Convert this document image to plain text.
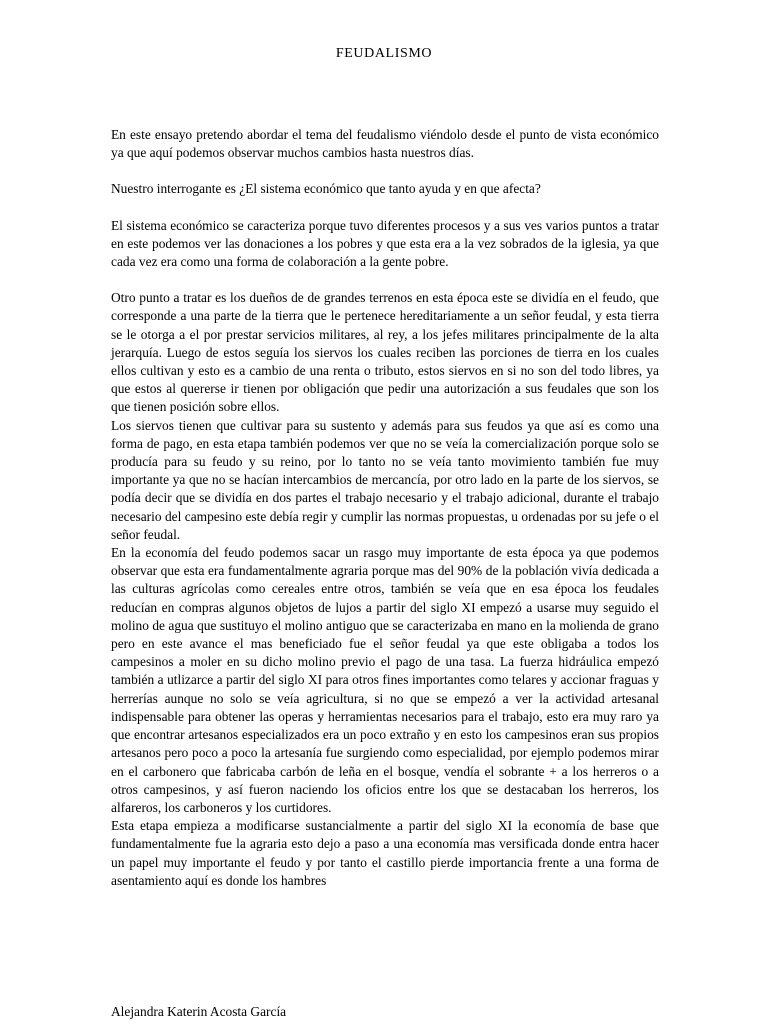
FEUDALISMO

En este ensayo pretendo abordar el tema del feudalismo viéndolo desde el punto de vista económico ya que aquí podemos observar muchos cambios hasta nuestros días.

Nuestro interrogante es ¿El sistema económico que tanto ayuda y en que afecta?

El sistema económico se caracteriza porque tuvo diferentes procesos y a sus ves varios puntos a tratar en este podemos ver las donaciones a los pobres y que esta era a la vez sobrados de la iglesia, ya que cada vez era como una forma de colaboración a la gente pobre.

Otro punto a tratar es los dueños de de grandes terrenos en esta época este se dividía en el feudo, que corresponde a una parte de la tierra que le pertenece hereditariamente a un señor feudal, y esta tierra se le otorga a el por prestar servicios militares, al rey, a los jefes militares principalmente de la alta jerarquía. Luego de estos seguía los siervos los cuales reciben las porciones de tierra en los cuales ellos cultivan y esto es a cambio de una renta o tributo, estos siervos en si no son del todo libres, ya que estos al quererse ir tienen por obligación que pedir una autorización a sus feudales que son los que tienen posición sobre ellos.

Los siervos tienen que cultivar para su sustento y además para sus feudos ya que así es como una forma de pago, en esta etapa también podemos ver que no se veía la comercialización porque solo se producía para su feudo y su reino, por lo tanto no se veía tanto movimiento también fue muy importante ya que no se hacían intercambios de mercancía, por otro lado en la parte de los siervos, se podía decir que se dividía en dos partes el trabajo necesario y el trabajo adicional, durante el trabajo necesario del campesino este debía regir y cumplir las normas propuestas, u ordenadas por su jefe o el señor feudal.

En la economía del feudo podemos sacar un rasgo muy importante de esta época ya que podemos observar que esta era fundamentalmente agraria porque mas del 90% de la población vivía dedicada a las culturas agrícolas como cereales entre otros, también se veía que en esa época los feudales reducían en compras algunos objetos de lujos a partir del siglo XI empezó a usarse muy seguido el molino de agua que sustituyo el molino antiguo que se caracterizaba en mano en la molienda de grano pero en este avance el mas beneficiado fue el señor feudal ya que este obligaba a todos los campesinos a moler en su dicho molino previo el pago de una tasa. La fuerza hidráulica empezó también a utlizarce a partir del siglo XI para otros fines importantes como telares y accionar fraguas y herrerías aunque no solo se veía agricultura, si no que se empezó a ver la actividad artesanal indispensable para obtener las operas y herramientas necesarios para el trabajo, esto era muy raro ya que encontrar artesanos especializados era un poco extraño y en esto los campesinos eran sus propios artesanos pero poco a poco la artesanía fue surgiendo como especialidad, por ejemplo podemos mirar en el carbonero que fabricaba carbón de leña en el bosque, vendía el sobrante + a los herreros o a otros campesinos, y así fueron naciendo los oficios entre los que se destacaban los herreros, los alfareros, los carboneros y los curtidores.

Esta etapa empieza a modificarse sustancialmente a partir del siglo XI la economía de base que fundamentalmente fue la agraria esto dejo a paso a una economía mas versificada donde entra hacer un papel muy importante el feudo y por tanto el castillo pierde importancia frente a una forma de asentamiento aquí es donde los hambres

Alejandra Katerin Acosta García
